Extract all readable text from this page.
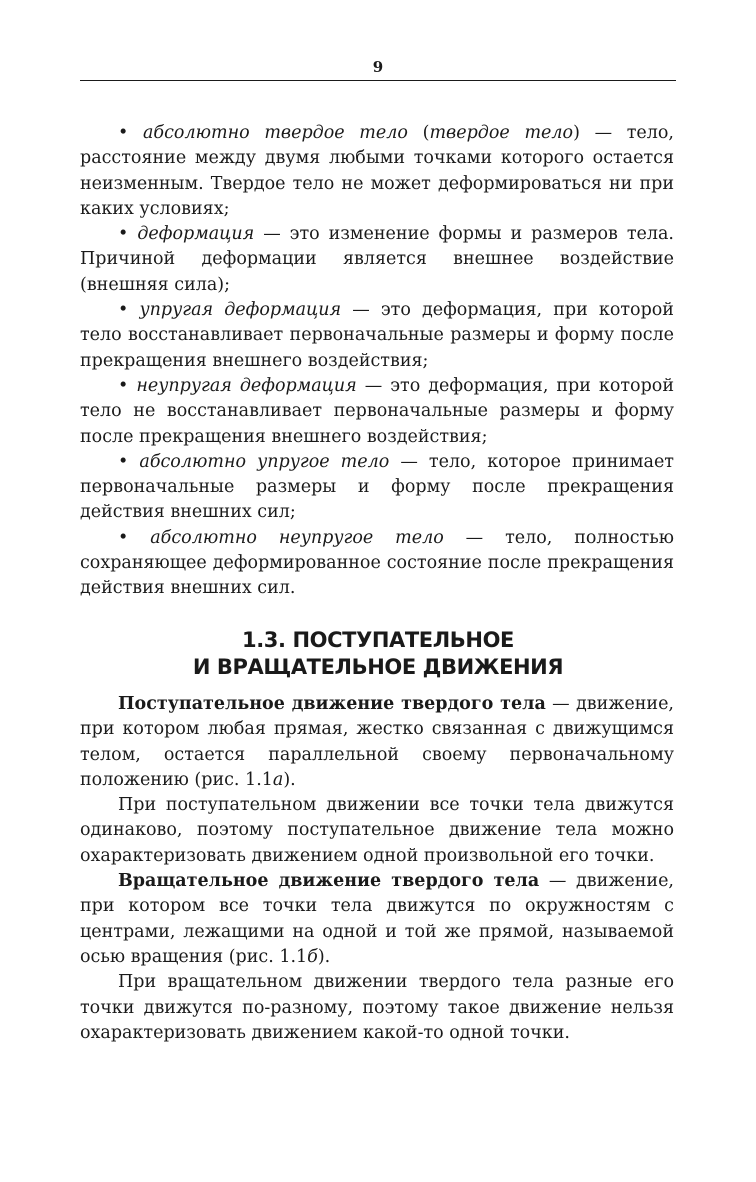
9

• абсолютно твердое тело (твердое тело) — тело, расстояние между двумя любыми точками которого остается неизменным. Твердое тело не может деформироваться ни при каких условиях;

• деформация — это изменение формы и размеров тела. Причиной деформации является внешнее воздействие (внешняя сила);

• упругая деформация — это деформация, при которой тело восстанавливает первоначальные размеры и форму после прекращения внешнего воздействия;

• неупругая деформация — это деформация, при которой тело не восстанавливает первоначальные размеры и форму после прекращения внешнего воздействия;

• абсолютно упругое тело — тело, которое принимает первоначальные размеры и форму после прекращения действия внешних сил;

• абсолютно неупругое тело — тело, полностью сохраняющее деформированное состояние после прекращения действия внешних сил.

1.3. ПОСТУПАТЕЛЬНОЕ
И ВРАЩАТЕЛЬНОЕ ДВИЖЕНИЯ

Поступательное движение твердого тела — движение, при котором любая прямая, жестко связанная с движущимся телом, остается параллельной своему первоначальному положению (рис. 1.1а).

При поступательном движении все точки тела движутся одинаково, поэтому поступательное движение тела можно охарактеризовать движением одной произвольной его точки.

Вращательное движение твердого тела — движение, при котором все точки тела движутся по окружностям с центрами, лежащими на одной и той же прямой, называемой осью вращения (рис. 1.1б).

При вращательном движении твердого тела разные его точки движутся по-разному, поэтому такое движение нельзя охарактеризовать движением какой-то одной точки.
